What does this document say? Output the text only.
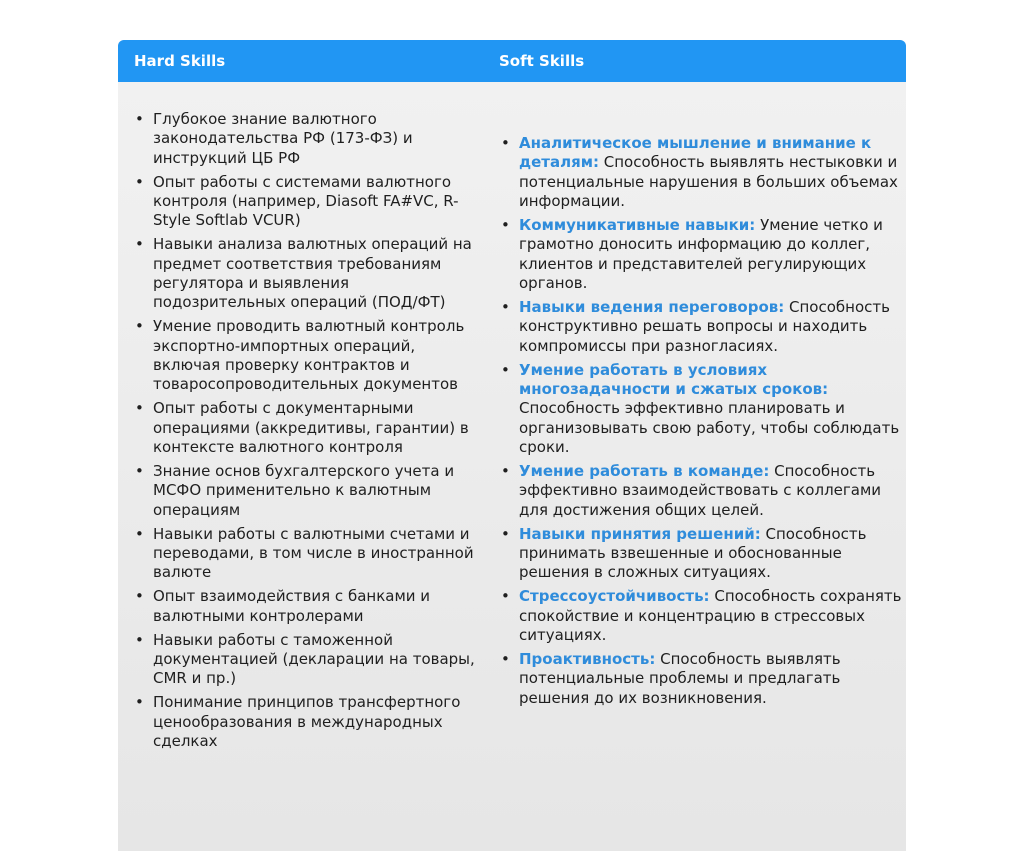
Hard Skills	Soft Skills
• Глубокое знание валютного законодательства РФ (173-ФЗ) и инструкций ЦБ РФ
• Опыт работы с системами валютного контроля (например, Diasoft FA#VC, R-Style Softlab VCUR)
• Навыки анализа валютных операций на предмет соответствия требованиям регулятора и выявления подозрительных операций (ПОД/ФТ)
• Умение проводить валютный контроль экспортно-импортных операций, включая проверку контрактов и товаросопроводительных документов
• Опыт работы с документарными операциями (аккредитивы, гарантии) в контексте валютного контроля
• Знание основ бухгалтерского учета и МСФО применительно к валютным операциям
• Навыки работы с валютными счетами и переводами, в том числе в иностранной валюте
• Опыт взаимодействия с банками и валютными контролерами
• Навыки работы с таможенной документацией (декларации на товары, CMR и пр.)
• Понимание принципов трансфертного ценообразования в международных сделках
• Аналитическое мышление и внимание к деталям: Способность выявлять нестыковки и потенциальные нарушения в больших объемах информации.
• Коммуникативные навыки: Умение четко и грамотно доносить информацию до коллег, клиентов и представителей регулирующих органов.
• Навыки ведения переговоров: Способность конструктивно решать вопросы и находить компромиссы при разногласиях.
• Умение работать в условиях многозадачности и сжатых сроков: Способность эффективно планировать и организовывать свою работу, чтобы соблюдать сроки.
• Умение работать в команде: Способность эффективно взаимодействовать с коллегами для достижения общих целей.
• Навыки принятия решений: Способность принимать взвешенные и обоснованные решения в сложных ситуациях.
• Стрессоустойчивость: Способность сохранять спокойствие и концентрацию в стрессовых ситуациях.
• Проактивность: Способность выявлять потенциальные проблемы и предлагать решения до их возникновения.
